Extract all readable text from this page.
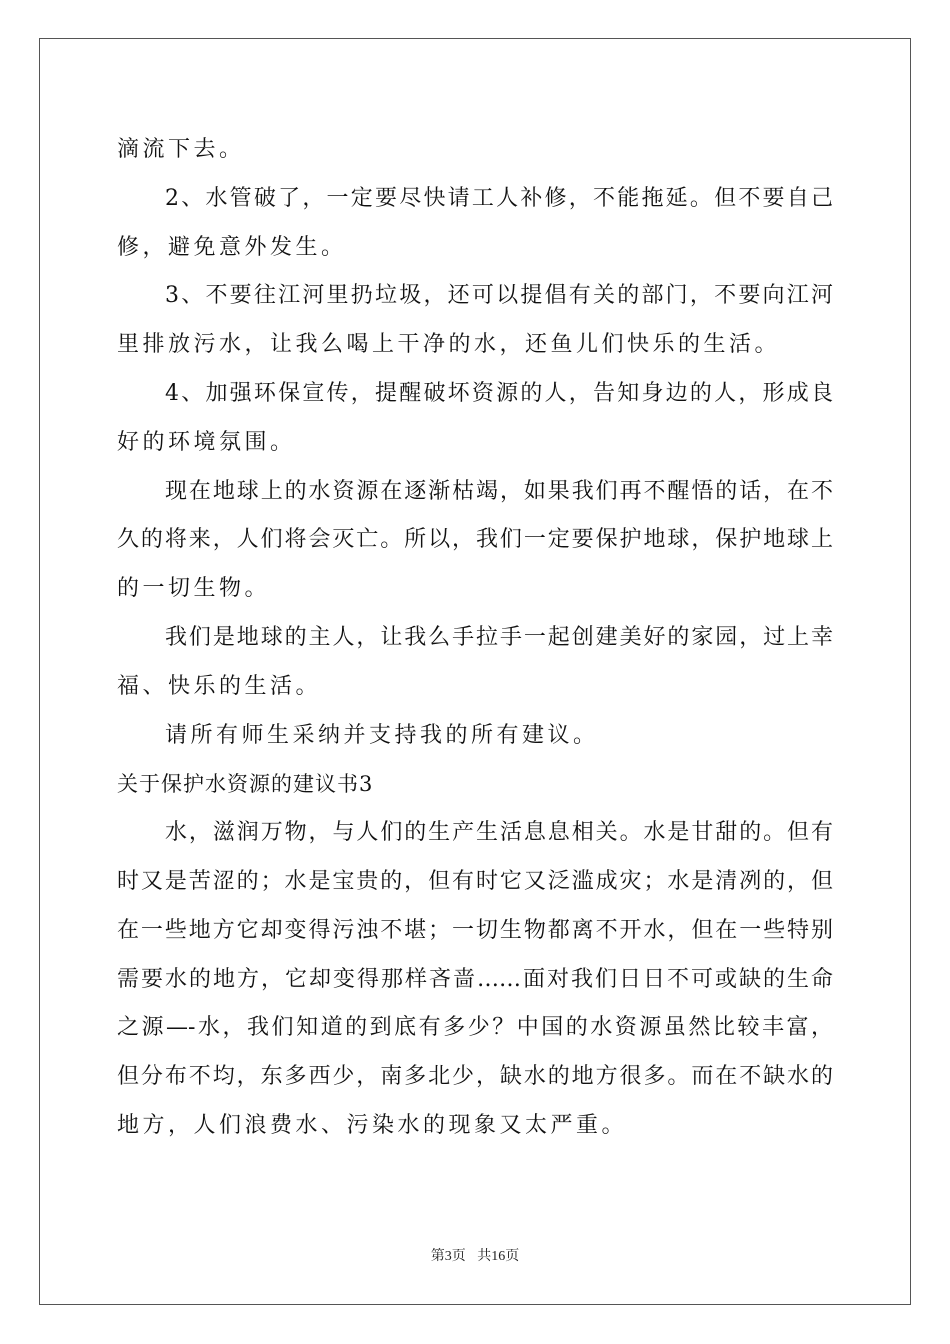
滴流下去。
2、水管破了，一定要尽快请工人补修，不能拖延。但不要自己
修，避免意外发生。
3、不要往江河里扔垃圾，还可以提倡有关的部门，不要向江河
里排放污水，让我么喝上干净的水，还鱼儿们快乐的生活。
4、加强环保宣传，提醒破坏资源的人，告知身边的人，形成良
好的环境氛围。
现在地球上的水资源在逐渐枯竭，如果我们再不醒悟的话，在不
久的将来，人们将会灭亡。所以，我们一定要保护地球，保护地球上
的一切生物。
我们是地球的主人，让我么手拉手一起创建美好的家园，过上幸
福、快乐的生活。
请所有师生采纳并支持我的所有建议。
关于保护水资源的建议书3
水，滋润万物，与人们的生产生活息息相关。水是甘甜的。但有
时又是苦涩的；水是宝贵的，但有时它又泛滥成灾；水是清冽的，但
在一些地方它却变得污浊不堪；一切生物都离不开水，但在一些特别
需要水的地方，它却变得那样吝啬……面对我们日日不可或缺的生命
之源—-水，我们知道的到底有多少？中国的水资源虽然比较丰富，
但分布不均，东多西少，南多北少，缺水的地方很多。而在不缺水的
地方，人们浪费水、污染水的现象又太严重。
第3页 共16页
